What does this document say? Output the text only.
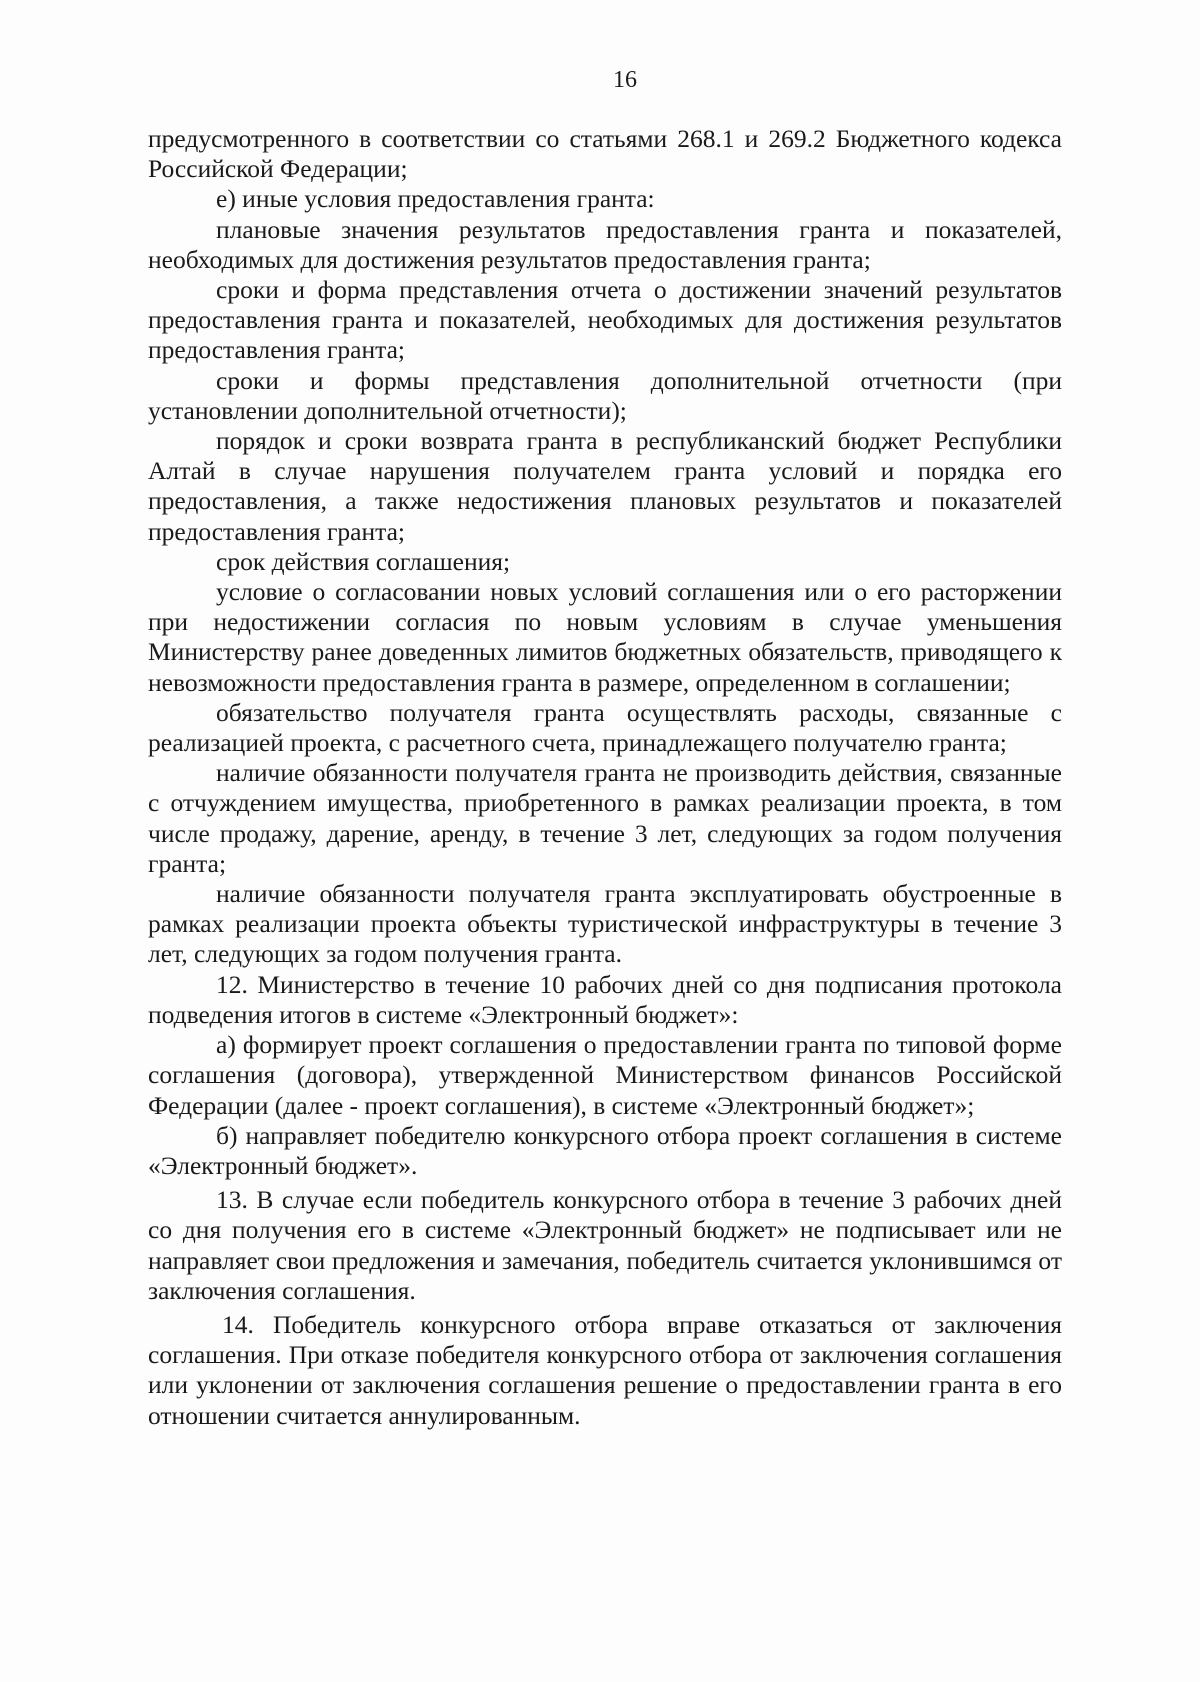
16

предусмотренного в соответствии со статьями 268.1 и 269.2 Бюджетного кодекса Российской Федерации;

е) иные условия предоставления гранта:

плановые значения результатов предоставления гранта и показателей, необходимых для достижения результатов предоставления гранта;

сроки и форма представления отчета о достижении значений результатов предоставления гранта и показателей, необходимых для достижения результатов предоставления гранта;

сроки и формы представления дополнительной отчетности (при установлении дополнительной отчетности);

порядок и сроки возврата гранта в республиканский бюджет Республики Алтай в случае нарушения получателем гранта условий и порядка его предоставления, а также недостижения плановых результатов и показателей предоставления гранта;

срок действия соглашения;

условие о согласовании новых условий соглашения или о его расторжении при недостижении согласия по новым условиям в случае уменьшения Министерству ранее доведенных лимитов бюджетных обязательств, приводящего к невозможности предоставления гранта в размере, определенном в соглашении;

обязательство получателя гранта осуществлять расходы, связанные с реализацией проекта, с расчетного счета, принадлежащего получателю гранта;

наличие обязанности получателя гранта не производить действия, связанные с отчуждением имущества, приобретенного в рамках реализации проекта, в том числе продажу, дарение, аренду, в течение 3 лет, следующих за годом получения гранта;

наличие обязанности получателя гранта эксплуатировать обустроенные в рамках реализации проекта объекты туристической инфраструктуры в течение 3 лет, следующих за годом получения гранта.

12. Министерство в течение 10 рабочих дней со дня подписания протокола подведения итогов в системе «Электронный бюджет»:

а) формирует проект соглашения о предоставлении гранта по типовой форме соглашения (договора), утвержденной Министерством финансов Российской Федерации (далее - проект соглашения), в системе «Электронный бюджет»;

б) направляет победителю конкурсного отбора проект соглашения в системе «Электронный бюджет».

13. В случае если победитель конкурсного отбора в течение 3 рабочих дней со дня получения его в системе «Электронный бюджет» не подписывает или не направляет свои предложения и замечания, победитель считается уклонившимся от заключения соглашения.

14. Победитель конкурсного отбора вправе отказаться от заключения соглашения. При отказе победителя конкурсного отбора от заключения соглашения или уклонении от заключения соглашения решение о предоставлении гранта в его отношении считается аннулированным.
